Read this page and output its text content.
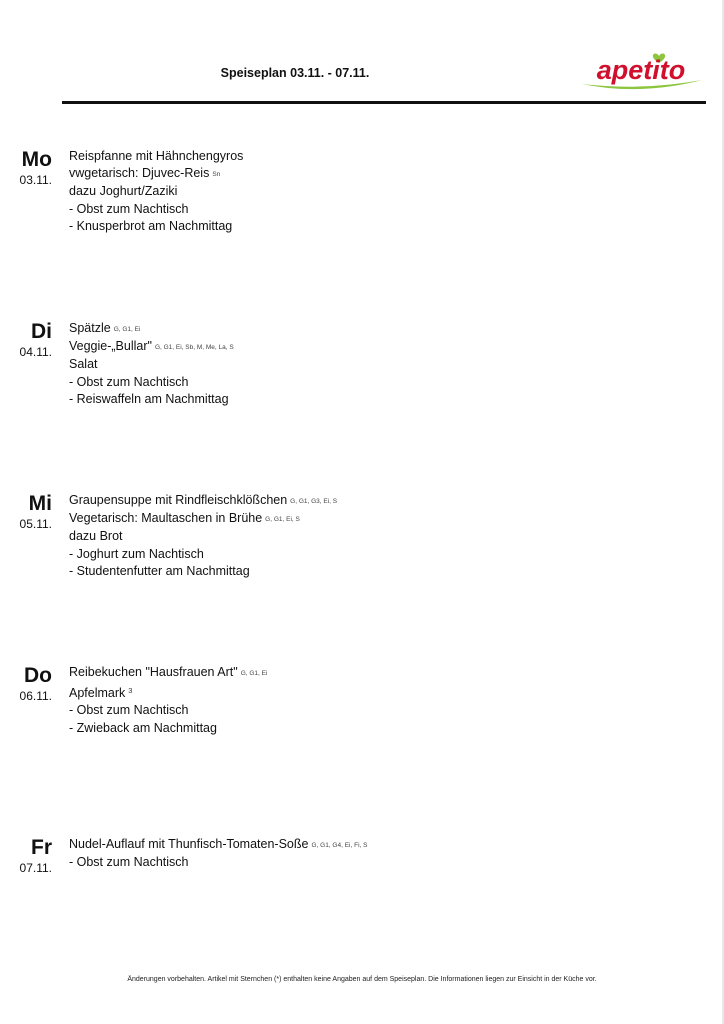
Speiseplan 03.11. - 07.11.	apetito
Mo
03.11.
Reispfanne mit Hähnchengyros
vwgetarisch: Djuvec-Reis Sn
dazu Joghurt/Zaziki
- Obst zum Nachtisch
- Knusperbrot am Nachmittag
Di
04.11.
Spätzle G, G1, Ei
Veggie-„Bullar" G, G1, Ei, Sb, M, Me, La, S
Salat
- Obst zum Nachtisch
- Reiswaffeln am Nachmittag
Mi
05.11.
Graupensuppe mit Rindfleischklößchen G, G1, G3, Ei, S
Vegetarisch: Maultaschen in Brühe G, G1, Ei, S
dazu Brot
- Joghurt zum Nachtisch
- Studentenfutter am Nachmittag
Do
06.11.
Reibekuchen "Hausfrauen Art" G, G1, Ei
Apfelmark $^3$
- Obst zum Nachtisch
- Zwieback am Nachmittag
Fr
07.11.
Nudel-Auflauf mit Thunfisch-Tomaten-Soße G, G1, G4, Ei, Fi, S
- Obst zum Nachtisch
Änderungen vorbehalten. Artikel mit Sternchen (*) enthalten keine Angaben auf dem Speiseplan. Die Informationen liegen zur Einsicht in der Küche vor.
